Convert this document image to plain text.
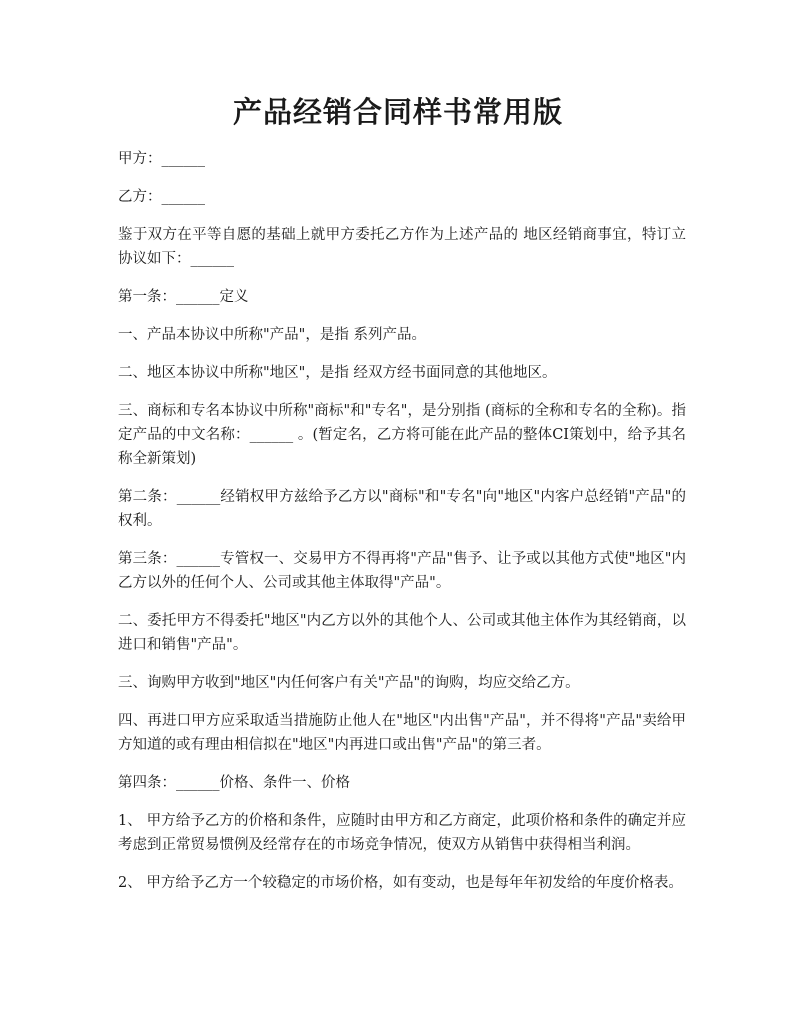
产品经销合同样书常用版

甲方：______

乙方：______

鉴于双方在平等自愿的基础上就甲方委托乙方作为上述产品的 地区经销商事宜，特订立协议如下：______

第一条：______定义

一、产品本协议中所称"产品"，是指 系列产品。

二、地区本协议中所称"地区"，是指 经双方经书面同意的其他地区。

三、商标和专名本协议中所称"商标"和"专名"，是分别指 (商标的全称和专名的全称)。指定产品的中文名称：______ 。(暂定名，乙方将可能在此产品的整体CI策划中，给予其名称全新策划)

第二条：______经销权甲方兹给予乙方以"商标"和"专名"向"地区"内客户总经销"产品"的权利。

第三条：______专管权一、交易甲方不得再将"产品"售予、让予或以其他方式使"地区"内乙方以外的任何个人、公司或其他主体取得"产品"。

二、委托甲方不得委托"地区"内乙方以外的其他个人、公司或其他主体作为其经销商，以进口和销售"产品"。

三、询购甲方收到"地区"内任何客户有关"产品"的询购，均应交给乙方。

四、再进口甲方应采取适当措施防止他人在"地区"内出售"产品"，并不得将"产品"卖给甲方知道的或有理由相信拟在"地区"内再进口或出售"产品"的第三者。

第四条：______价格、条件一、价格

1、 甲方给予乙方的价格和条件，应随时由甲方和乙方商定，此项价格和条件的确定并应考虑到正常贸易惯例及经常存在的市场竞争情况，使双方从销售中获得相当利润。

2、 甲方给予乙方一个较稳定的市场价格，如有变动，也是每年年初发给的年度价格表。
